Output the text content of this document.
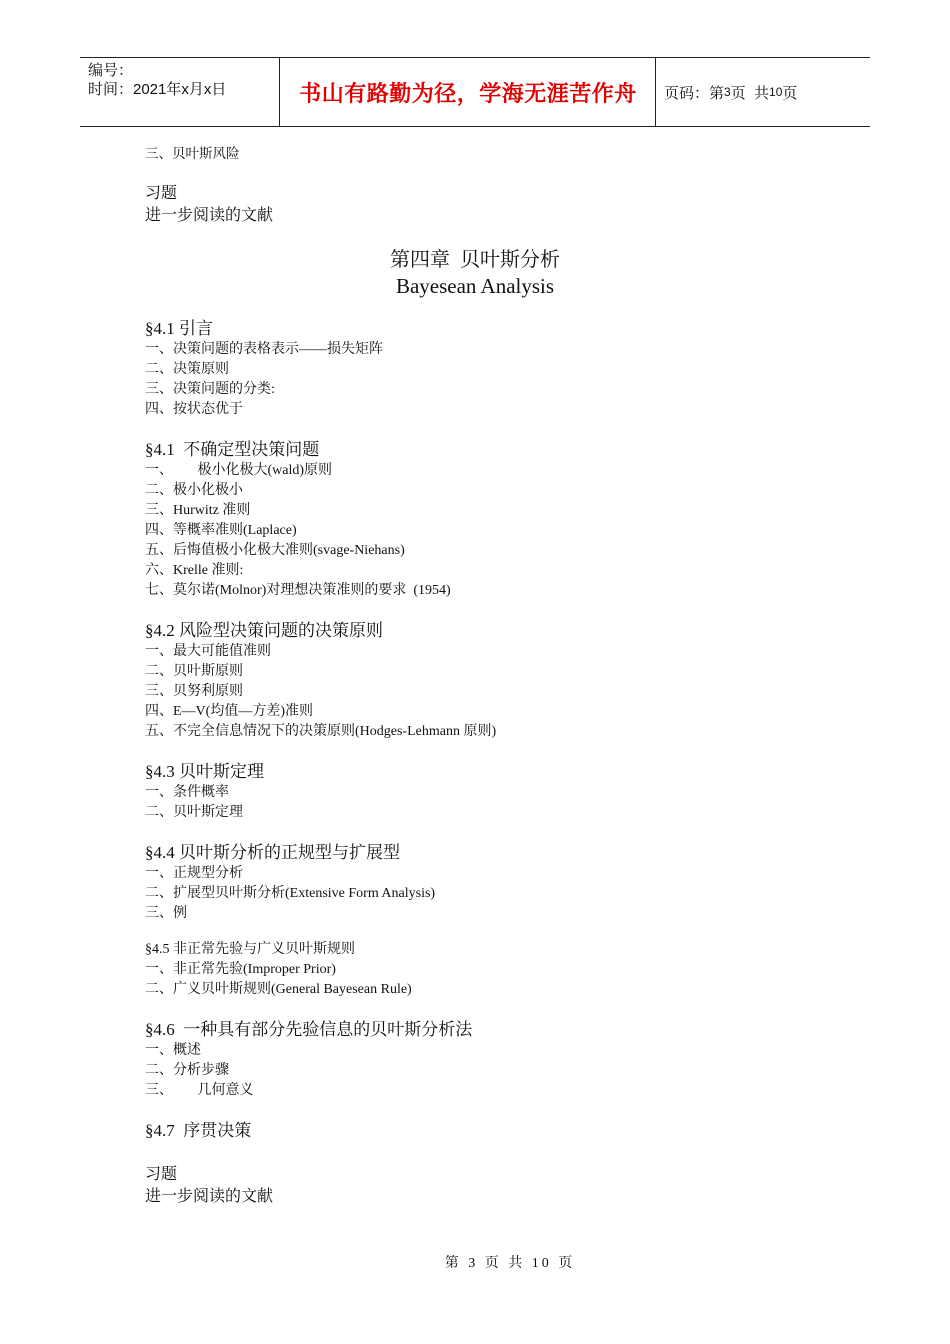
编号：
时间：2021年x月x日	书山有路勤为径，学海无涯苦作舟 页码：第 3 页  共 10 页
三、贝叶斯风险
习题
进一步阅读的文献
第四章  贝叶斯分析
Bayesean Analysis
§4.1 引言
一、决策问题的表格表示——损失矩阵
二、决策原则
三、决策问题的分类:
四、按状态优于
§4.1  不确定型决策问题
一、       极小化极大(wald)原则
二、极小化极小
三、Hurwitz 准则
四、等概率准则(Laplace)
五、后悔值极小化极大准则(svage-Niehans)
六、Krelle 准则:
七、莫尔诺(Molnor)对理想决策准则的要求  (1954)
§4.2 风险型决策问题的决策原则
一、最大可能值准则
二、贝叶斯原则
三、贝努利原则
四、E—V(均值—方差)准则
五、不完全信息情况下的决策原则(Hodges-Lehmann 原则)
§4.3 贝叶斯定理
一、条件概率
二、贝叶斯定理
§4.4 贝叶斯分析的正规型与扩展型
一、正规型分析
二、扩展型贝叶斯分析(Extensive Form Analysis)
三、例
§4.5 非正常先验与广义贝叶斯规则
一、非正常先验(Improper Prior)
二、广义贝叶斯规则(General Bayesean Rule)
§4.6  一种具有部分先验信息的贝叶斯分析法
一、概述
二、分析步骤
三、       几何意义
§4.7  序贯决策
习题
进一步阅读的文献
第 3 页 共 10 页
